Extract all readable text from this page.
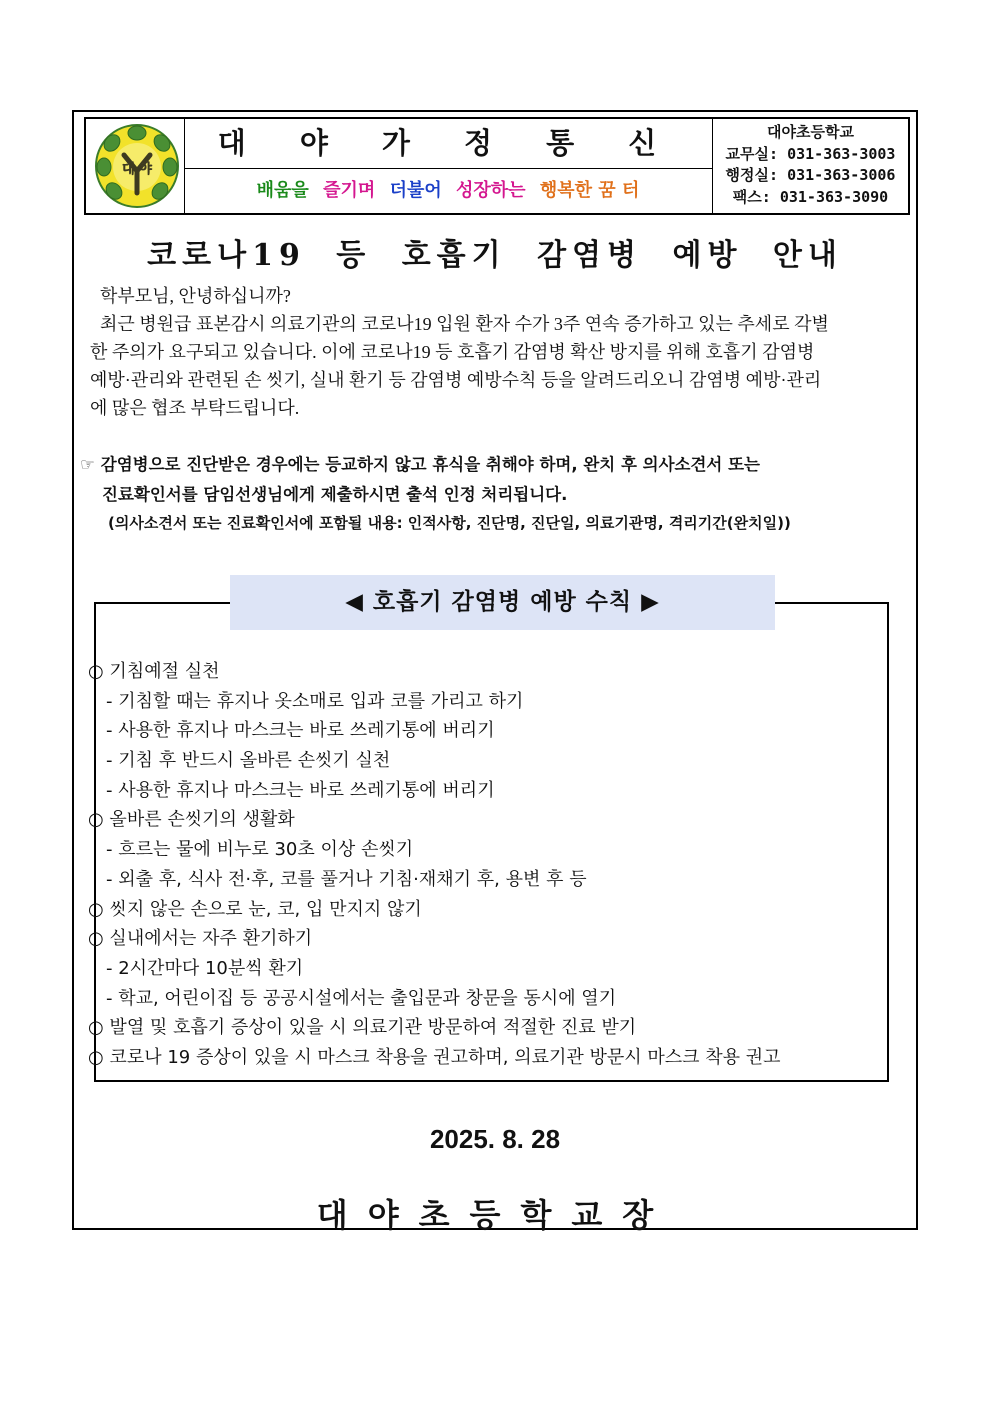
대 야
대 야 가 정 통 신
배움을 즐기며 더불어 성장하는 행복한 꿈 터
대야초등학교
교무실: 031-363-3003
행정실: 031-363-3006
팩스: 031-363-3090
코로나19 등 호흡기 감염병 예방 안내

학부모님, 안녕하십니까?

최근 병원급 표본감시 의료기관의 코로나19 입원 환자 수가 3주 연속 증가하고 있는 추세로 각별

한 주의가 요구되고 있습니다. 이에 코로나19 등 호흡기 감염병 확산 방지를 위해 호흡기 감염병

예방·관리와 관련된 손 씻기, 실내 환기 등 감염병 예방수칙 등을 알려드리오니 감염병 예방·관리

에 많은 협조 부탁드립니다.

☞ 감염병으로 진단받은 경우에는 등교하지 않고 휴식을 취해야 하며, 완치 후 의사소견서 또는
진료확인서를 담임선생님에게 제출하시면 출석 인정 처리됩니다.
(의사소견서 또는 진료확인서에 포함될 내용: 인적사항, 진단명, 진단일, 의료기관명, 격리기간(완치일))
◀ 호흡기 감염병 예방 수칙 ▶
○ 기침예절 실천
- 기침할 때는 휴지나 옷소매로 입과 코를 가리고 하기
- 사용한 휴지나 마스크는 바로 쓰레기통에 버리기
- 기침 후 반드시 올바른 손씻기 실천
- 사용한 휴지나 마스크는 바로 쓰레기통에 버리기
○ 올바른 손씻기의 생활화
- 흐르는 물에 비누로 30초 이상 손씻기
- 외출 후, 식사 전·후, 코를 풀거나 기침·재채기 후, 용변 후 등
○ 씻지 않은 손으로 눈, 코, 입 만지지 않기
○ 실내에서는 자주 환기하기
- 2시간마다 10분씩 환기
- 학교, 어린이집 등 공공시설에서는 출입문과 창문을 동시에 열기
○ 발열 및 호흡기 증상이 있을 시 의료기관 방문하여 적절한 진료 받기
○ 코로나 19 증상이 있을 시 마스크 착용을 권고하며, 의료기관 방문시 마스크 착용 권고
2025. 8. 28
대야초등학교장
